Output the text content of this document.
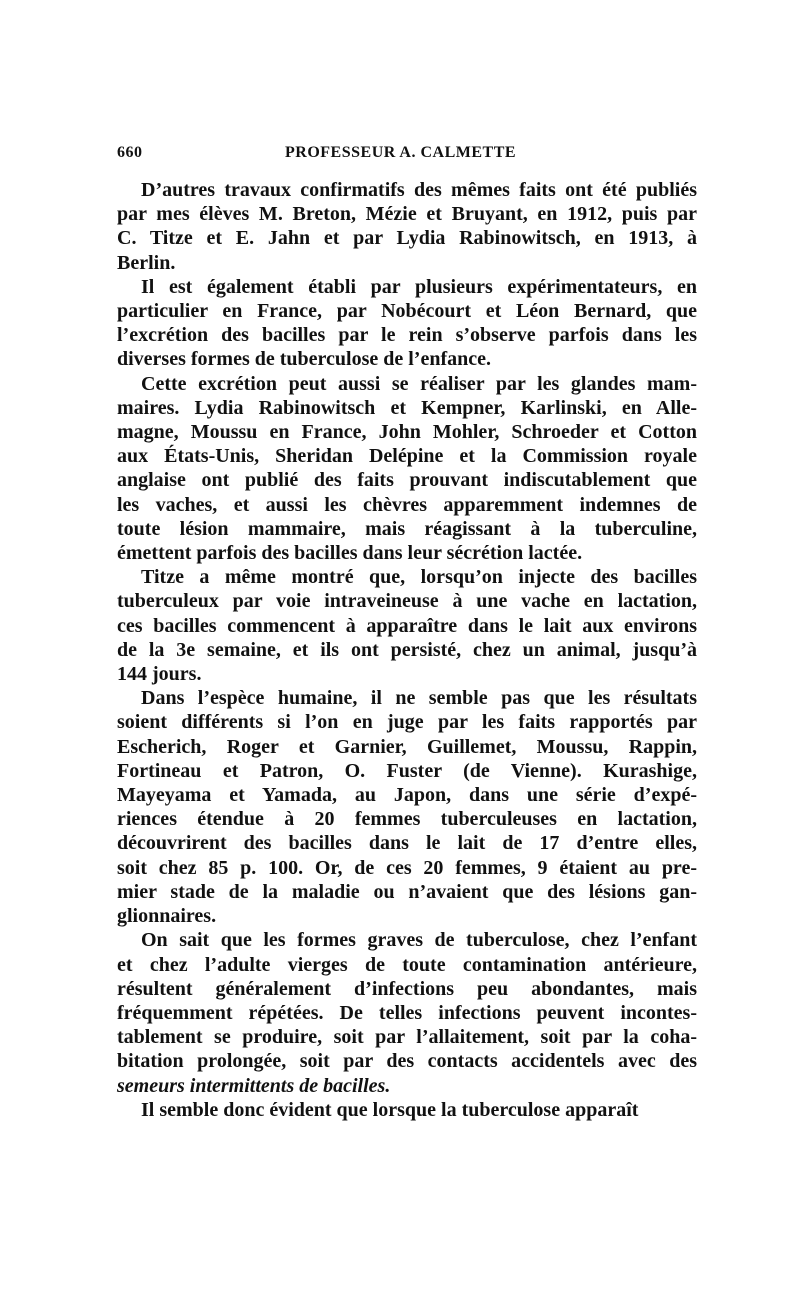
660	PROFESSEUR A. CALMETTE

D’autres travaux confirmatifs des mêmes faits ont été publiés
par mes élèves M. Breton, Mézie et Bruyant, en 1912, puis par
C. Titze et E. Jahn et par Lydia Rabinowitsch, en 1913, à
Berlin.

Il est également établi par plusieurs expérimentateurs, en
particulier en France, par Nobécourt et Léon Bernard, que
l’excrétion des bacilles par le rein s’observe parfois dans les
diverses formes de tuberculose de l’enfance.

Cette excrétion peut aussi se réaliser par les glandes mam-
maires. Lydia Rabinowitsch et Kempner, Karlinski, en Alle-
magne, Moussu en France, John Mohler, Schroeder et Cotton
aux États-Unis, Sheridan Delépine et la Commission royale
anglaise ont publié des faits prouvant indiscutablement que
les vaches, et aussi les chèvres apparemment indemnes de
toute lésion mammaire, mais réagissant à la tuberculine,
émettent parfois des bacilles dans leur sécrétion lactée.

Titze a même montré que, lorsqu’on injecte des bacilles
tuberculeux par voie intraveineuse à une vache en lactation,
ces bacilles commencent à apparaître dans le lait aux environs
de la 3e semaine, et ils ont persisté, chez un animal, jusqu’à
144 jours.

Dans l’espèce humaine, il ne semble pas que les résultats
soient différents si l’on en juge par les faits rapportés par
Escherich, Roger et Garnier, Guillemet, Moussu, Rappin,
Fortineau et Patron, O. Fuster (de Vienne). Kurashige,
Mayeyama et Yamada, au Japon, dans une série d’expé-
riences étendue à 20 femmes tuberculeuses en lactation,
découvrirent des bacilles dans le lait de 17 d’entre elles,
soit chez 85 p. 100. Or, de ces 20 femmes, 9 étaient au pre-
mier stade de la maladie ou n’avaient que des lésions gan-
glionnaires.

On sait que les formes graves de tuberculose, chez l’enfant
et chez l’adulte vierges de toute contamination antérieure,
résultent généralement d’infections peu abondantes, mais
fréquemment répétées. De telles infections peuvent incontes-
tablement se produire, soit par l’allaitement, soit par la coha-
bitation prolongée, soit par des contacts accidentels avec des
semeurs intermittents de bacilles.

Il semble donc évident que lorsque la tuberculose apparaît
